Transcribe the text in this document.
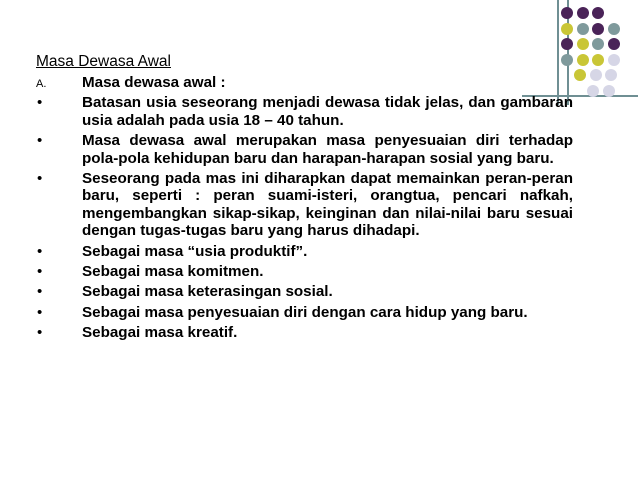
Masa Dewasa Awal
A.	Masa dewasa awal :
•	Batasan usia seseorang menjadi dewasa tidak jelas, dan gambaran usia adalah pada usia 18 – 40 tahun.
•	Masa dewasa awal merupakan masa penyesuaian diri terhadap pola-pola kehidupan baru dan harapan-harapan sosial yang baru.
•	Seseorang pada mas ini diharapkan dapat memainkan peran-peran baru, seperti : peran suami-isteri, orangtua, pencari nafkah, mengembangkan sikap-sikap, keinginan dan nilai-nilai baru sesuai dengan tugas-tugas baru yang harus dihadapi.
•	Sebagai masa “usia produktif”.
•	Sebagai masa komitmen.
•	Sebagai masa keterasingan sosial.
•	Sebagai masa penyesuaian diri dengan cara hidup yang baru.
•	Sebagai masa kreatif.
